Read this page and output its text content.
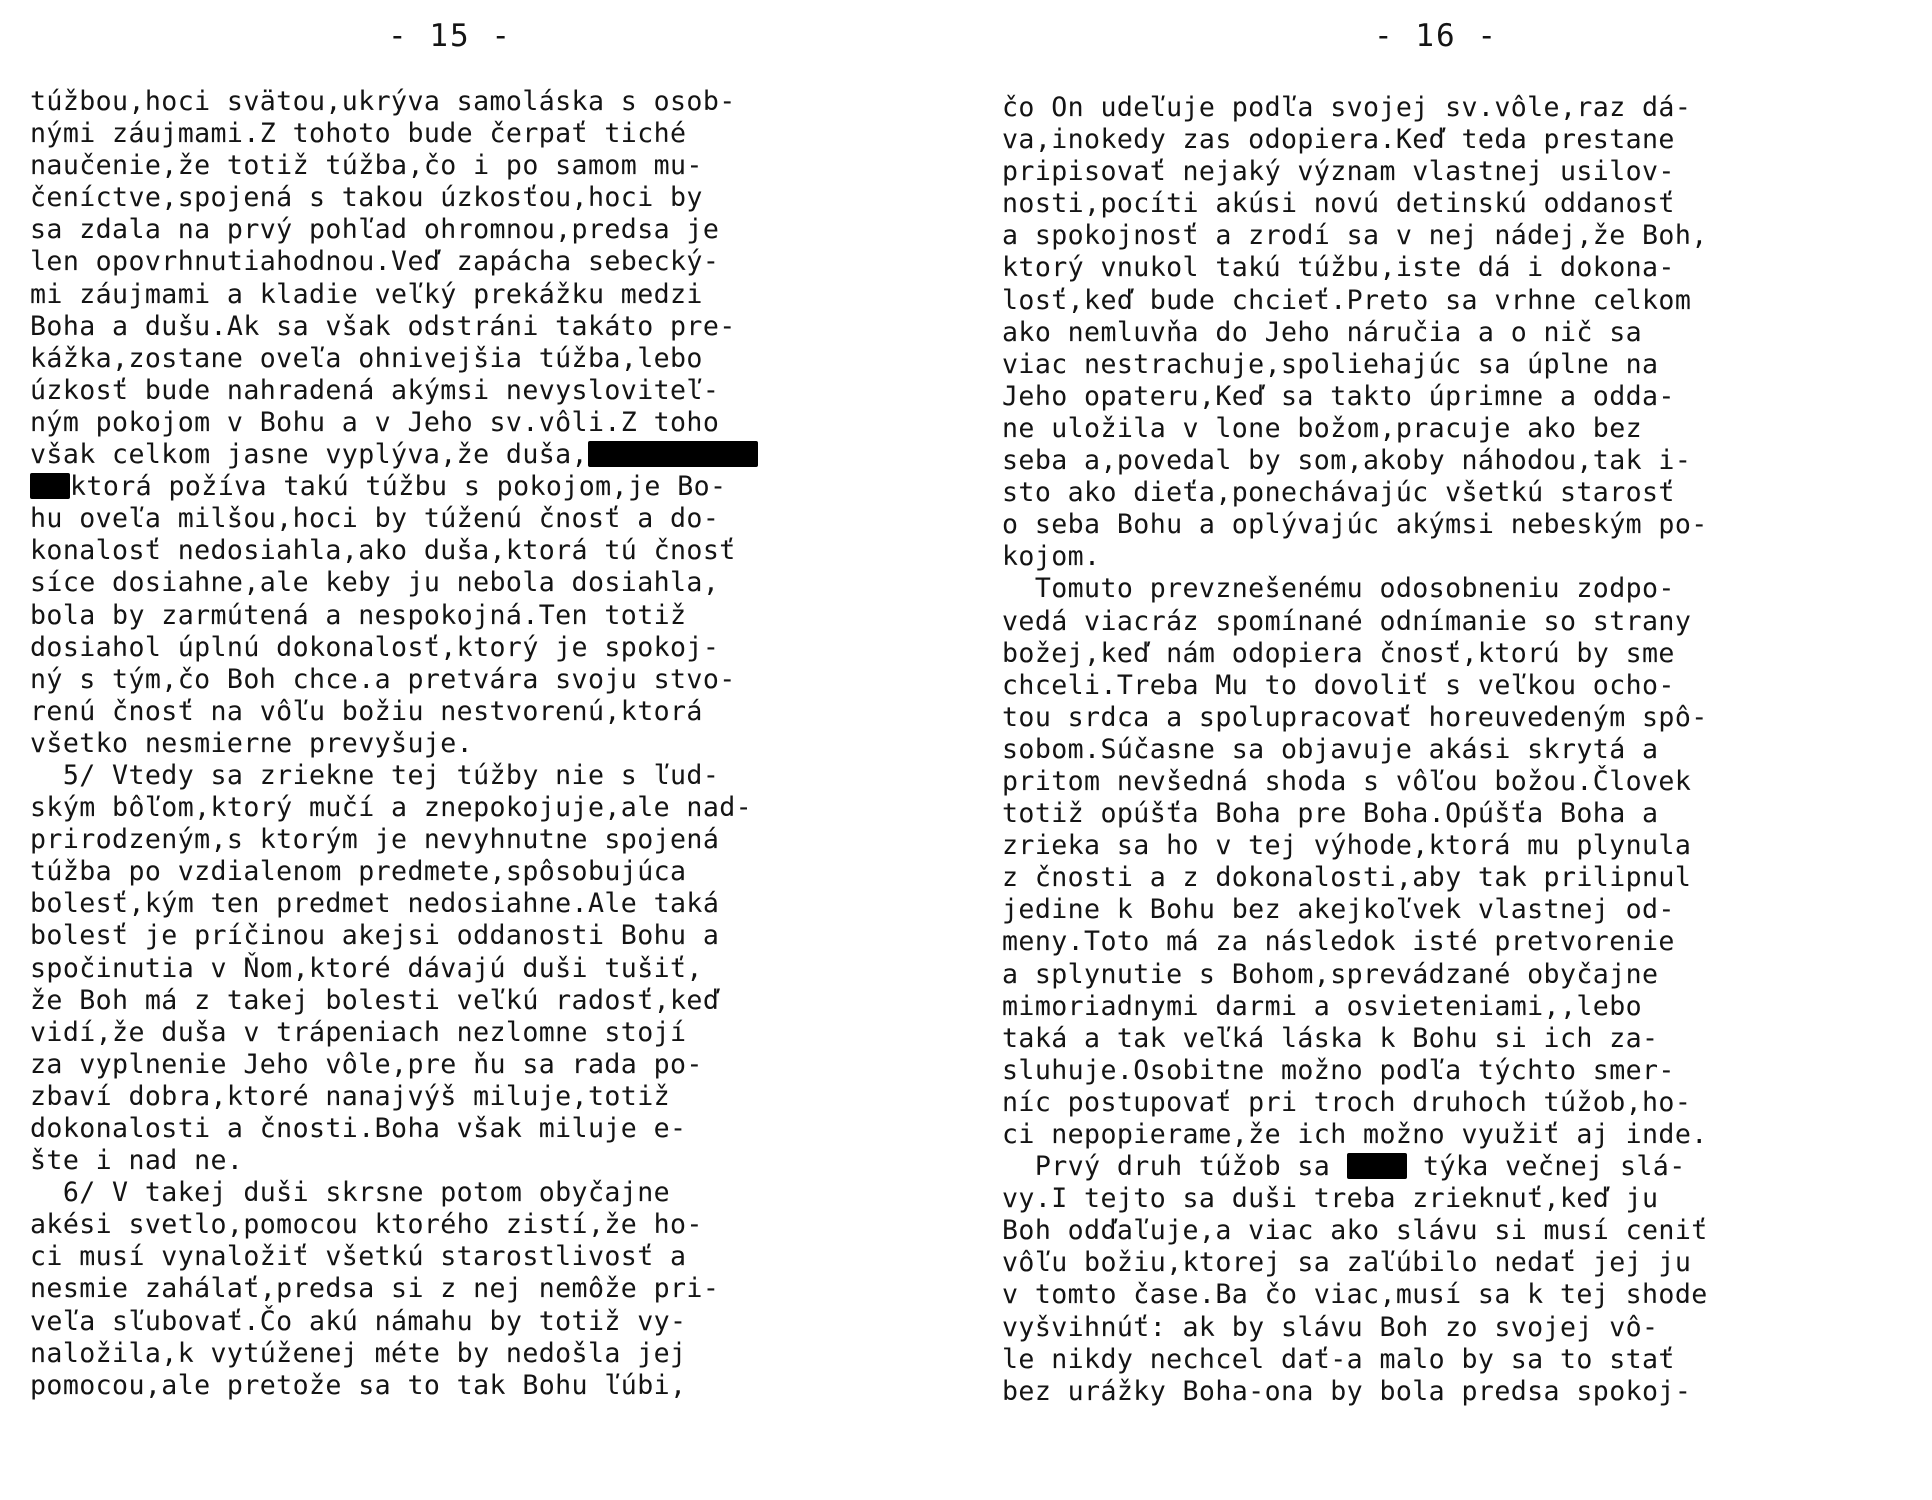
- 15 -
túžbou,hoci svätou,ukrýva samoláska s osob-
nými záujmami.Z tohoto bude čerpať tiché
naučenie,že totiž túžba,čo i po samom mu-
čeníctve,spojená s takou úzkosťou,hoci by
sa zdala na prvý pohľad ohromnou,predsa je
len opovrhnutiahodnou.Veď zapácha sebecký-
mi záujmami a kladie veľký prekážku medzi
Boha a dušu.Ak sa však odstráni takáto pre-
kážka,zostane oveľa ohnivejšia túžba,lebo
úzkosť bude nahradená akýmsi nevysloviteľ-
ným pokojom v Bohu a v Jeho sv.vôli.Z toho
však celkom jasne vyplýva,že duša,
ktorá požíva takú túžbu s pokojom,je Bo-
hu oveľa milšou,hoci by túženú čnosť a do-
konalosť nedosiahla,ako duša,ktorá tú čnosť
síce dosiahne,ale keby ju nebola dosiahla,
bola by zarmútená a nespokojná.Ten totiž
dosiahol úplnú dokonalosť,ktorý je spokoj-
ný s tým,čo Boh chce.a pretvára svoju stvo-
renú čnosť na vôľu božiu nestvorenú,ktorá
všetko nesmierne prevyšuje.
5/ Vtedy sa zriekne tej túžby nie s ľud-
ským bôľom,ktorý mučí a znepokojuje,ale nad-
prirodzeným,s ktorým je nevyhnutne spojená
túžba po vzdialenom predmete,spôsobujúca
bolesť,kým ten predmet nedosiahne.Ale taká
bolesť je príčinou akejsi oddanosti Bohu a
spočinutia v Ňom,ktoré dávajú duši tušiť,
že Boh má z takej bolesti veľkú radosť,keď
vidí,že duša v trápeniach nezlomne stojí
za vyplnenie Jeho vôle,pre ňu sa rada po-
zbaví dobra,ktoré nanajvýš miluje,totiž
dokonalosti a čnosti.Boha však miluje e-
šte i nad ne.
6/ V takej duši skrsne potom obyčajne
akési svetlo,pomocou ktorého zistí,že ho-
ci musí vynaložiť všetkú starostlivosť a
nesmie zahálať,predsa si z nej nemôže pri-
veľa sľubovať.Čo akú námahu by totiž vy-
naložila,k vytúženej méte by nedošla jej
pomocou,ale pretože sa to tak Bohu ľúbi,
- 16 -
čo On udeľuje podľa svojej sv.vôle,raz dá-
va,inokedy zas odopiera.Keď teda prestane
pripisovať nejaký význam vlastnej usilov-
nosti,pocíti akúsi novú detinskú oddanosť
a spokojnosť a zrodí sa v nej nádej,že Boh,
ktorý vnukol takú túžbu,iste dá i dokona-
losť,keď bude chcieť.Preto sa vrhne celkom
ako nemluvňa do Jeho náručia a o nič sa
viac nestrachuje,spoliehajúc sa úplne na
Jeho opateru,Keď sa takto úprimne a odda-
ne uložila v lone božom,pracuje ako bez
seba a,povedal by som,akoby náhodou,tak i-
sto ako dieťa,ponechávajúc všetkú starosť
o seba Bohu a oplývajúc akýmsi nebeským po-
kojom.
Tomuto prevznešenému odosobneniu zodpo-
vedá viacráz spomínané odnímanie so strany
božej,keď nám odopiera čnosť,ktorú by sme
chceli.Treba Mu to dovoliť s veľkou ocho-
tou srdca a spolupracovať horeuvedeným spô-
sobom.Súčasne sa objavuje akási skrytá a
pritom nevšedná shoda s vôľou božou.Človek
totiž opúšťa Boha pre Boha.Opúšťa Boha a
zrieka sa ho v tej výhode,ktorá mu plynula
z čnosti a z dokonalosti,aby tak prilipnul
jedine k Bohu bez akejkoľvek vlastnej od-
meny.Toto má za následok isté pretvorenie
a splynutie s Bohom,sprevádzané obyčajne
mimoriadnymi darmi a osvieteniami,,lebo
taká a tak veľká láska k Bohu si ich za-
sluhuje.Osobitne možno podľa týchto smer-
níc postupovať pri troch druhoch túžob,ho-
ci nepopierame,že ich možno využiť aj inde.
Prvý druh túžob sa  týka večnej slá-
vy.I tejto sa duši treba zrieknuť,keď ju
Boh odďaľuje,a viac ako slávu si musí ceniť
vôľu božiu,ktorej sa zaľúbilo nedať jej ju
v tomto čase.Ba čo viac,musí sa k tej shode
vyšvihnúť: ak by slávu Boh zo svojej vô-
le nikdy nechcel dať-a malo by sa to stať
bez urážky Boha-ona by bola predsa spokoj-
